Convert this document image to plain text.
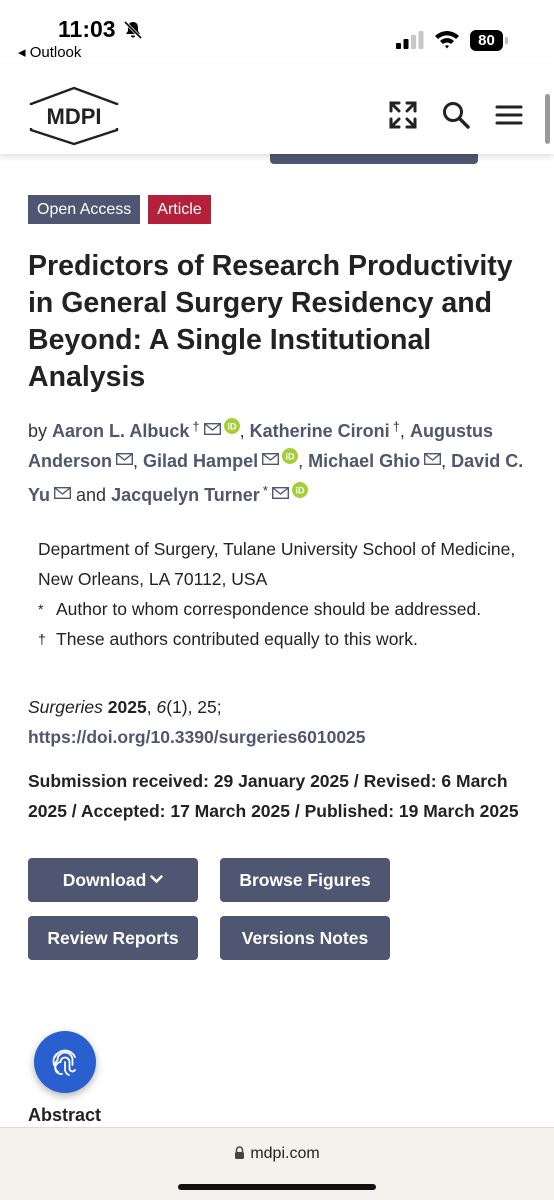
11:03
◂ Outlook
80
MDPI
Open Access	Article
Predictors of Research Productivity in General Surgery Residency and Beyond: A Single Institutional Analysis
by Aaron L. Albuck †	iD , Katherine Cironi †, Augustus Anderson , Gilad Hampel	iD , Michael Ghio , David C. Yu and Jacquelyn Turner *	iD
Department of Surgery, Tulane University School of Medicine, New Orleans, LA 70112, USA
* Author to whom correspondence should be addressed.
† These authors contributed equally to this work.
Surgeries 2025, 6(1), 25;
https://doi.org/10.3390/surgeries6010025
Submission received: 29 January 2025 / Revised: 6 March 2025 / Accepted: 17 March 2025 / Published: 19 March 2025
Download	Browse Figures
Review Reports	Versions Notes
Abstract
mdpi.com
